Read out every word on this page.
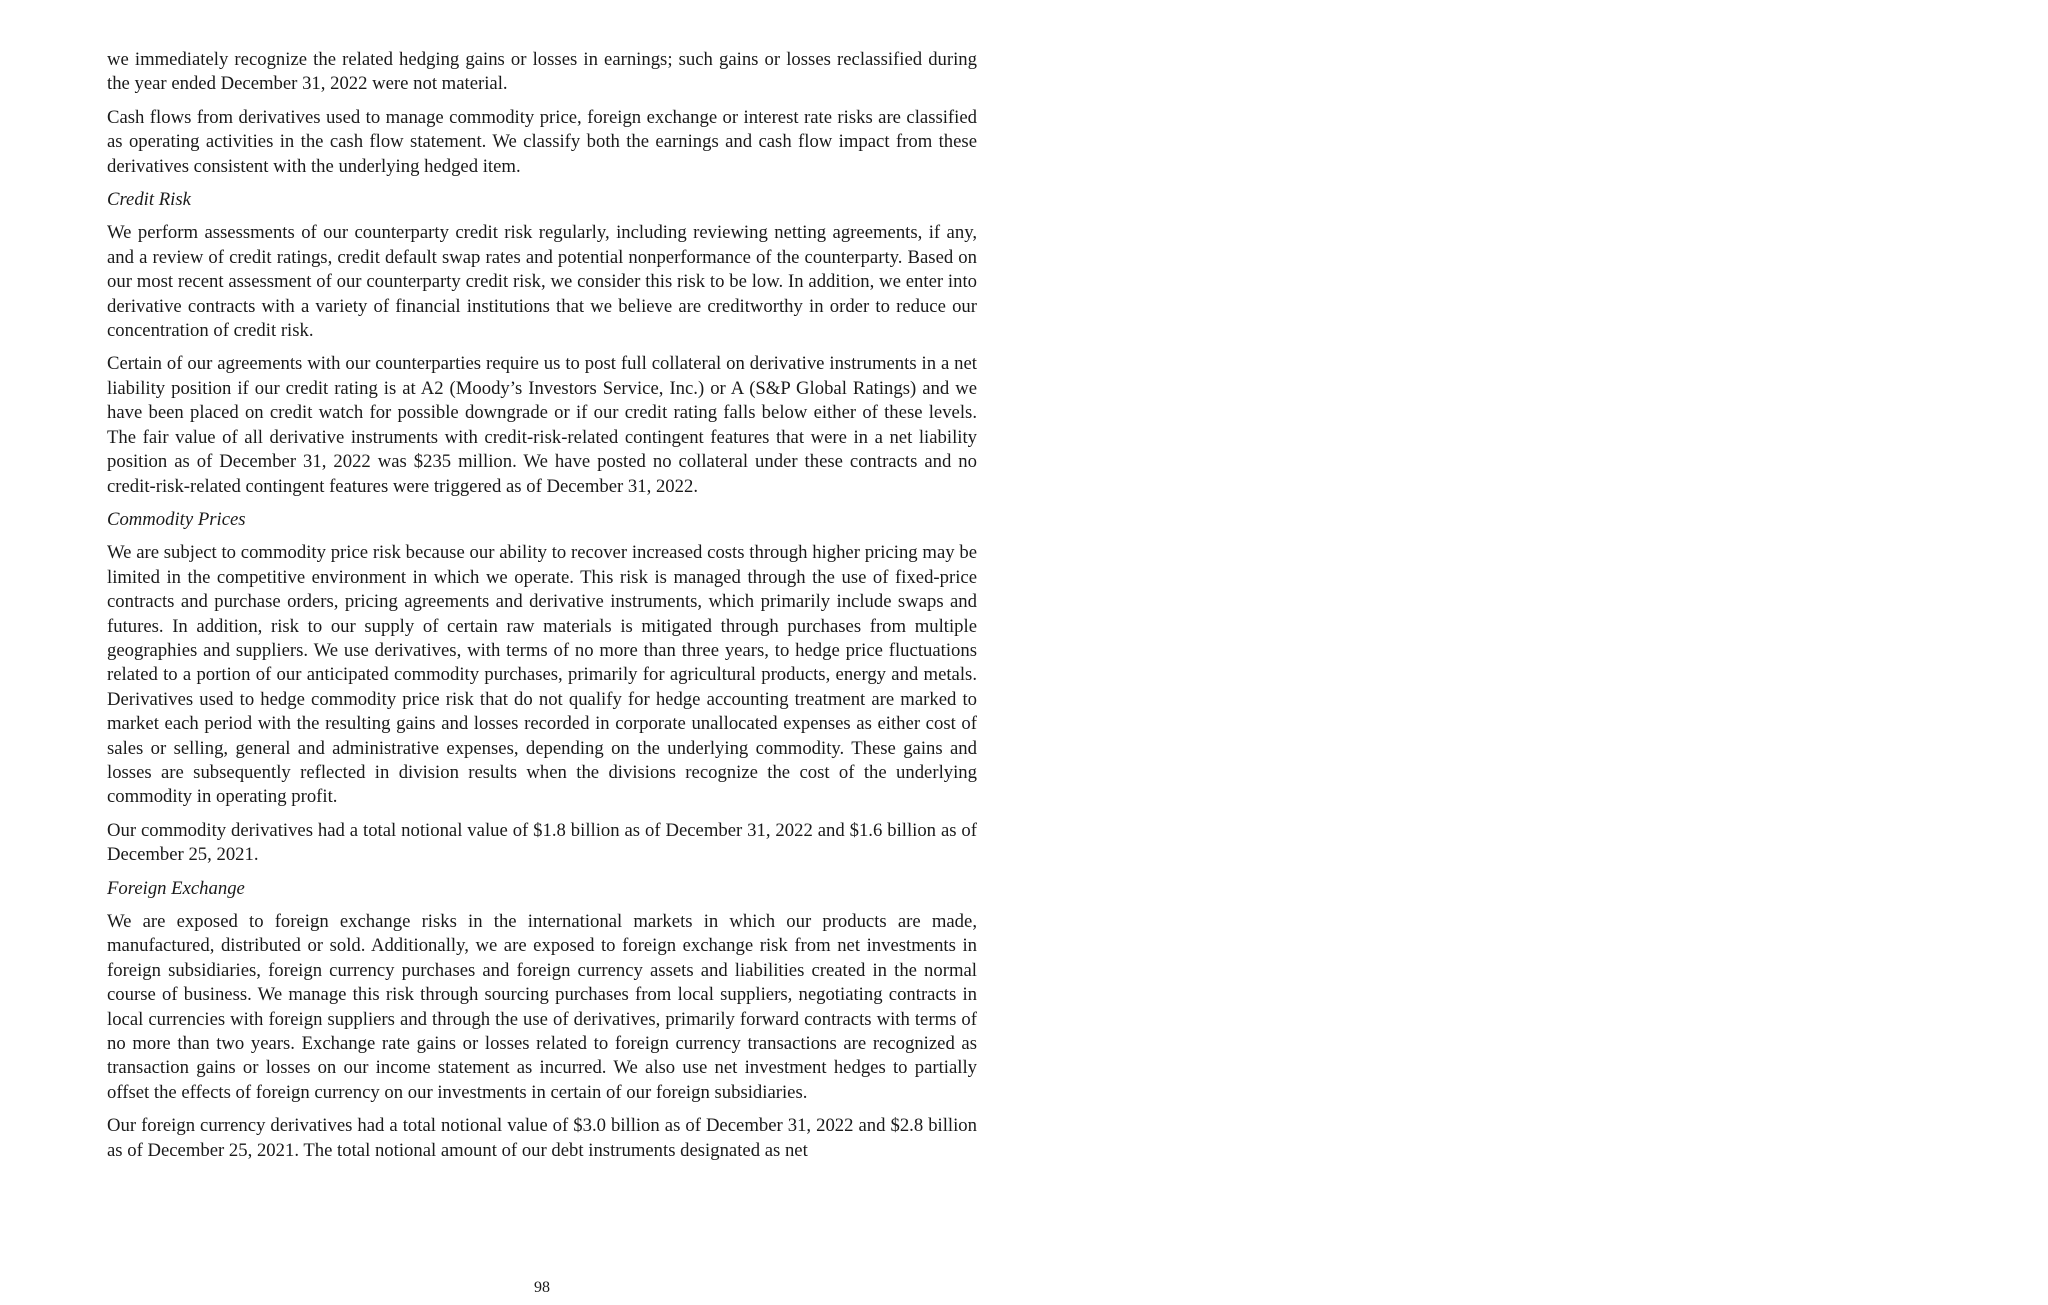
we immediately recognize the related hedging gains or losses in earnings; such gains or losses reclassified during the year ended December 31, 2022 were not material.

Cash flows from derivatives used to manage commodity price, foreign exchange or interest rate risks are classified as operating activities in the cash flow statement. We classify both the earnings and cash flow impact from these derivatives consistent with the underlying hedged item.

Credit Risk

We perform assessments of our counterparty credit risk regularly, including reviewing netting agreements, if any, and a review of credit ratings, credit default swap rates and potential nonperformance of the counterparty. Based on our most recent assessment of our counterparty credit risk, we consider this risk to be low. In addition, we enter into derivative contracts with a variety of financial institutions that we believe are creditworthy in order to reduce our concentration of credit risk.

Certain of our agreements with our counterparties require us to post full collateral on derivative instruments in a net liability position if our credit rating is at A2 (Moody’s Investors Service, Inc.) or A (S&P Global Ratings) and we have been placed on credit watch for possible downgrade or if our credit rating falls below either of these levels. The fair value of all derivative instruments with credit-risk-related contingent features that were in a net liability position as of December 31, 2022 was $235 million. We have posted no collateral under these contracts and no credit-risk-related contingent features were triggered as of December 31, 2022.

Commodity Prices

We are subject to commodity price risk because our ability to recover increased costs through higher pricing may be limited in the competitive environment in which we operate. This risk is managed through the use of fixed-price contracts and purchase orders, pricing agreements and derivative instruments, which primarily include swaps and futures. In addition, risk to our supply of certain raw materials is mitigated through purchases from multiple geographies and suppliers. We use derivatives, with terms of no more than three years, to hedge price fluctuations related to a portion of our anticipated commodity purchases, primarily for agricultural products, energy and metals. Derivatives used to hedge commodity price risk that do not qualify for hedge accounting treatment are marked to market each period with the resulting gains and losses recorded in corporate unallocated expenses as either cost of sales or selling, general and administrative expenses, depending on the underlying commodity. These gains and losses are subsequently reflected in division results when the divisions recognize the cost of the underlying commodity in operating profit.

Our commodity derivatives had a total notional value of $1.8 billion as of December 31, 2022 and $1.6 billion as of December 25, 2021.

Foreign Exchange

We are exposed to foreign exchange risks in the international markets in which our products are made, manufactured, distributed or sold. Additionally, we are exposed to foreign exchange risk from net investments in foreign subsidiaries, foreign currency purchases and foreign currency assets and liabilities created in the normal course of business. We manage this risk through sourcing purchases from local suppliers, negotiating contracts in local currencies with foreign suppliers and through the use of derivatives, primarily forward contracts with terms of no more than two years. Exchange rate gains or losses related to foreign currency transactions are recognized as transaction gains or losses on our income statement as incurred. We also use net investment hedges to partially offset the effects of foreign currency on our investments in certain of our foreign subsidiaries.

Our foreign currency derivatives had a total notional value of $3.0 billion as of December 31, 2022 and $2.8 billion as of December 25, 2021. The total notional amount of our debt instruments designated as net

98
